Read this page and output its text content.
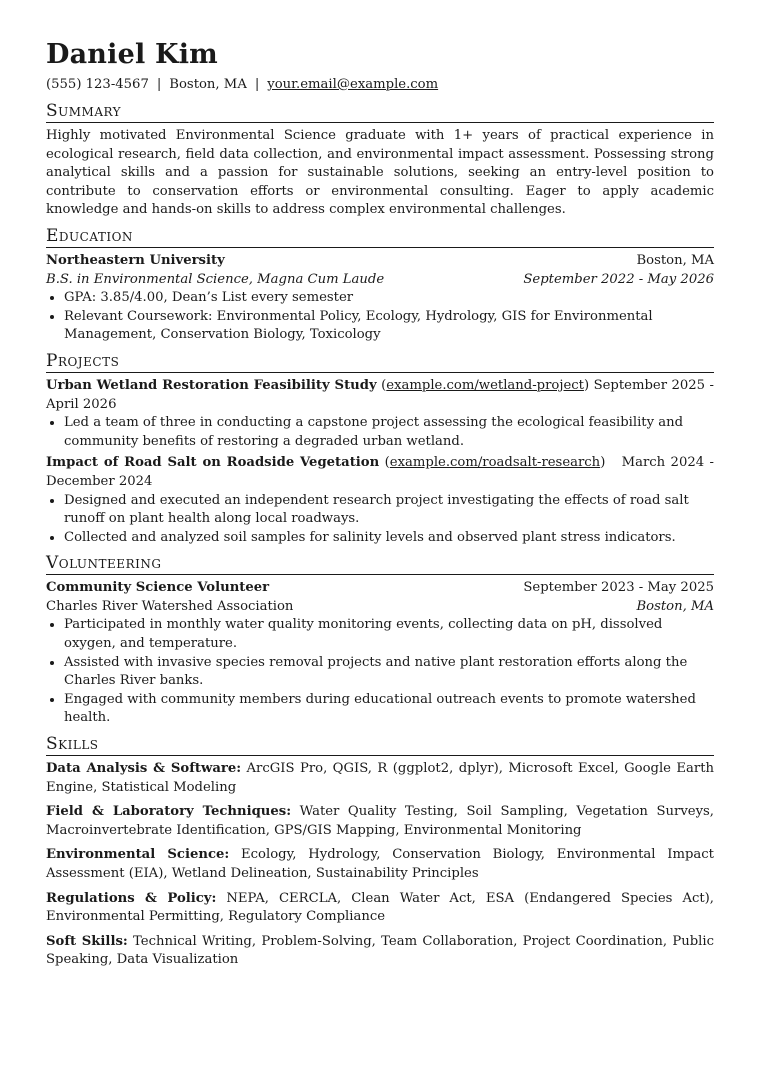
Daniel Kim
(555) 123-4567 | Boston, MA | your.email@example.com
Summary

Highly motivated Environmental Science graduate with 1+ years of practical experience in ecological research, field data collection, and environmental impact assessment. Possessing strong analytical skills and a passion for sustainable solutions, seeking an entry-level position to contribute to conservation efforts or environmental consulting. Eager to apply academic knowledge and hands-on skills to address complex environmental challenges.

Education
Northeastern University	Boston, MA
B.S. in Environmental Science, Magna Cum Laude	September 2022 - May 2026
• GPA: 3.85/4.00, Dean’s List every semester
• Relevant Coursework: Environmental Policy, Ecology, Hydrology, GIS for Environmental Management, Conservation Biology, Toxicology
Projects
Urban Wetland Restoration Feasibility Study (example.com/wetland-project) September 2025 - April 2026
• Led a team of three in conducting a capstone project assessing the ecological feasibility and community benefits of restoring a degraded urban wetland.
Impact of Road Salt on Roadside Vegetation (example.com/roadsalt-research)   March 2024 - December 2024
• Designed and executed an independent research project investigating the effects of road salt runoff on plant health along local roadways.
• Collected and analyzed soil samples for salinity levels and observed plant stress indicators.
Volunteering
Community Science Volunteer	September 2023 - May 2025
Charles River Watershed Association	Boston, MA
• Participated in monthly water quality monitoring events, collecting data on pH, dissolved oxygen, and temperature.
• Assisted with invasive species removal projects and native plant restoration efforts along the Charles River banks.
• Engaged with community members during educational outreach events to promote watershed health.
Skills
Data Analysis & Software: ArcGIS Pro, QGIS, R (ggplot2, dplyr), Microsoft Excel, Google Earth Engine, Statistical Modeling
Field & Laboratory Techniques: Water Quality Testing, Soil Sampling, Vegetation Surveys, Macroinvertebrate Identification, GPS/GIS Mapping, Environmental Monitoring
Environmental Science: Ecology, Hydrology, Conservation Biology, Environmental Impact Assessment (EIA), Wetland Delineation, Sustainability Principles
Regulations & Policy: NEPA, CERCLA, Clean Water Act, ESA (Endangered Species Act), Environmental Permitting, Regulatory Compliance
Soft Skills: Technical Writing, Problem-Solving, Team Collaboration, Project Coordination, Public Speaking, Data Visualization
